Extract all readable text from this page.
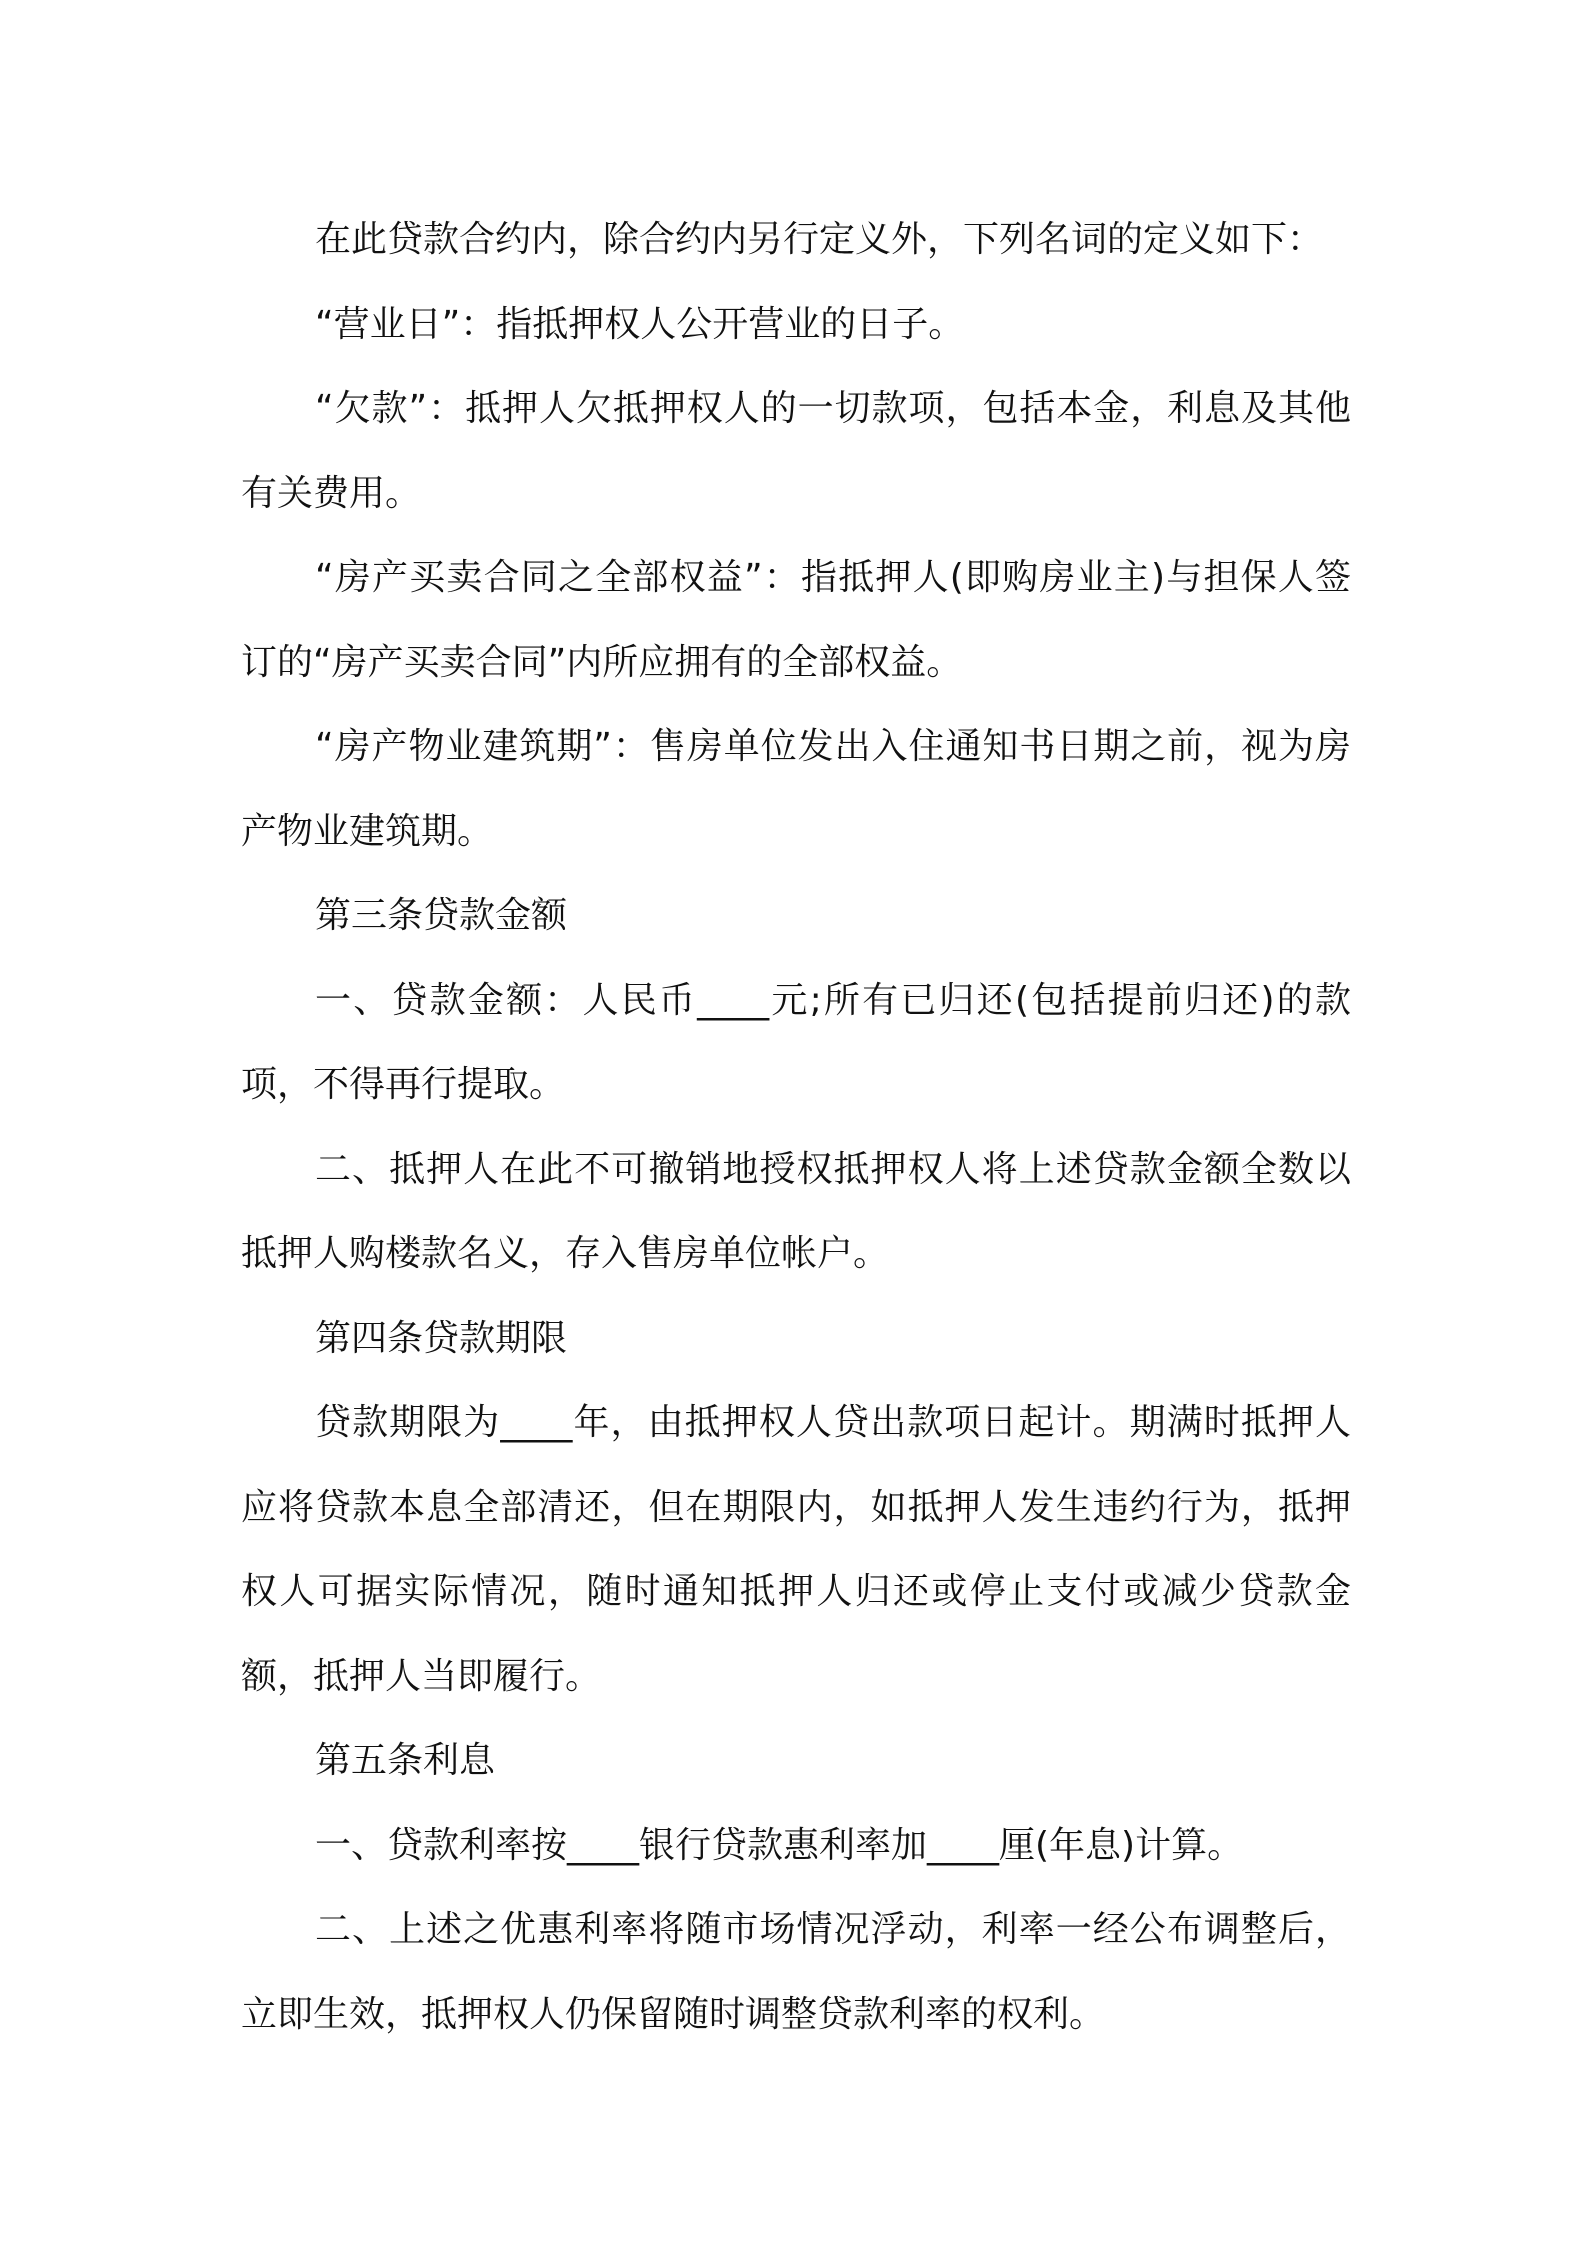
在此贷款合约内，除合约内另行定义外，下列名词的定义如下：

“营业日”：指抵押权人公开营业的日子。

“欠款”：抵押人欠抵押权人的一切款项，包括本金，利息及其他有关费用。

“房产买卖合同之全部权益”：指抵押人(即购房业主)与担保人签订的“房产买卖合同”内所应拥有的全部权益。

“房产物业建筑期”：售房单位发出入住通知书日期之前，视为房产物业建筑期。

第三条贷款金额

一、贷款金额：人民币____元;所有已归还(包括提前归还)的款项，不得再行提取。

二、抵押人在此不可撤销地授权抵押权人将上述贷款金额全数以抵押人购楼款名义，存入售房单位帐户。

第四条贷款期限

贷款期限为____年，由抵押权人贷出款项日起计。期满时抵押人应将贷款本息全部清还，但在期限内，如抵押人发生违约行为，抵押权人可据实际情况，随时通知抵押人归还或停止支付或减少贷款金额，抵押人当即履行。

第五条利息

一、贷款利率按____银行贷款惠利率加____厘(年息)计算。

二、上述之优惠利率将随市场情况浮动，利率一经公布调整后，立即生效，抵押权人仍保留随时调整贷款利率的权利。
